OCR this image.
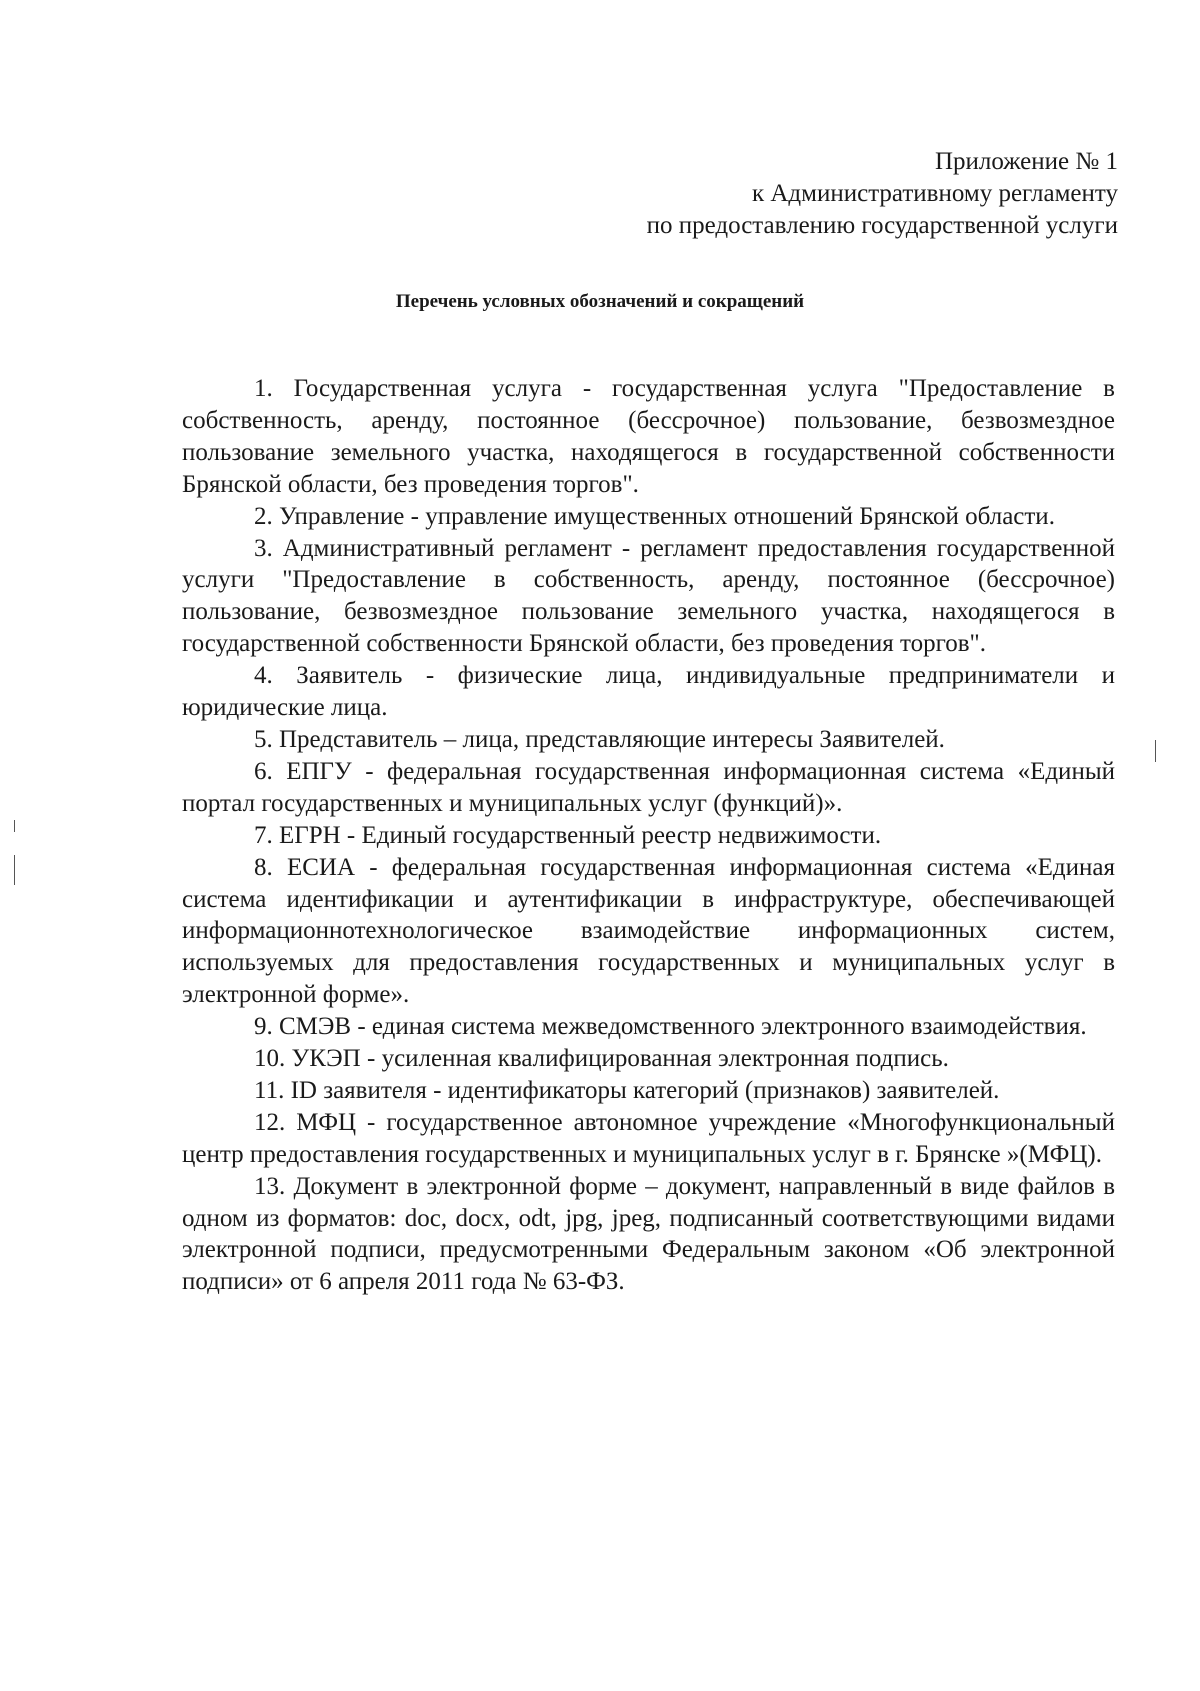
Приложение № 1
к Административному регламенту
по предоставлению государственной услуги
Перечень условных обозначений и сокращений

1. Государственная услуга - государственная услуга "Предоставление в собственность, аренду, постоянное (бессрочное) пользование, безвозмездное пользование земельного участка, находящегося в государственной собственности Брянской области, без проведения торгов".

2. Управление - управление имущественных отношений Брянской области.

3. Административный регламент - регламент предоставления государственной услуги "Предоставление в собственность, аренду, постоянное (бессрочное) пользование, безвозмездное пользование земельного участка, находящегося в государственной собственности Брянской области, без проведения торгов".

4. Заявитель - физические лица, индивидуальные предприниматели и юридические лица.

5. Представитель – лица, представляющие интересы Заявителей.

6. ЕПГУ - федеральная государственная информационная система «Единый портал государственных и муниципальных услуг (функций)».

7. ЕГРН - Единый государственный реестр недвижимости.

8. ЕСИА - федеральная государственная информационная система «Единая система идентификации и аутентификации в инфраструктуре, обеспечивающей информационнотехнологическое взаимодействие информационных систем, используемых для предоставления государственных и муниципальных услуг в электронной форме».

9. СМЭВ - единая система межведомственного электронного взаимодействия.

10. УКЭП - усиленная квалифицированная электронная подпись.

11. ID заявителя - идентификаторы категорий (признаков) заявителей.

12. МФЦ - государственное автономное учреждение «Многофункциональный центр предоставления государственных и муниципальных услуг в г. Брянске »(МФЦ).

13. Документ в электронной форме – документ, направленный в виде файлов в одном из форматов: doc, docx, odt, jpg, jpeg, подписанный соответствующими видами электронной подписи, предусмотренными Федеральным законом «Об электронной подписи» от 6 апреля 2011 года № 63-ФЗ.
